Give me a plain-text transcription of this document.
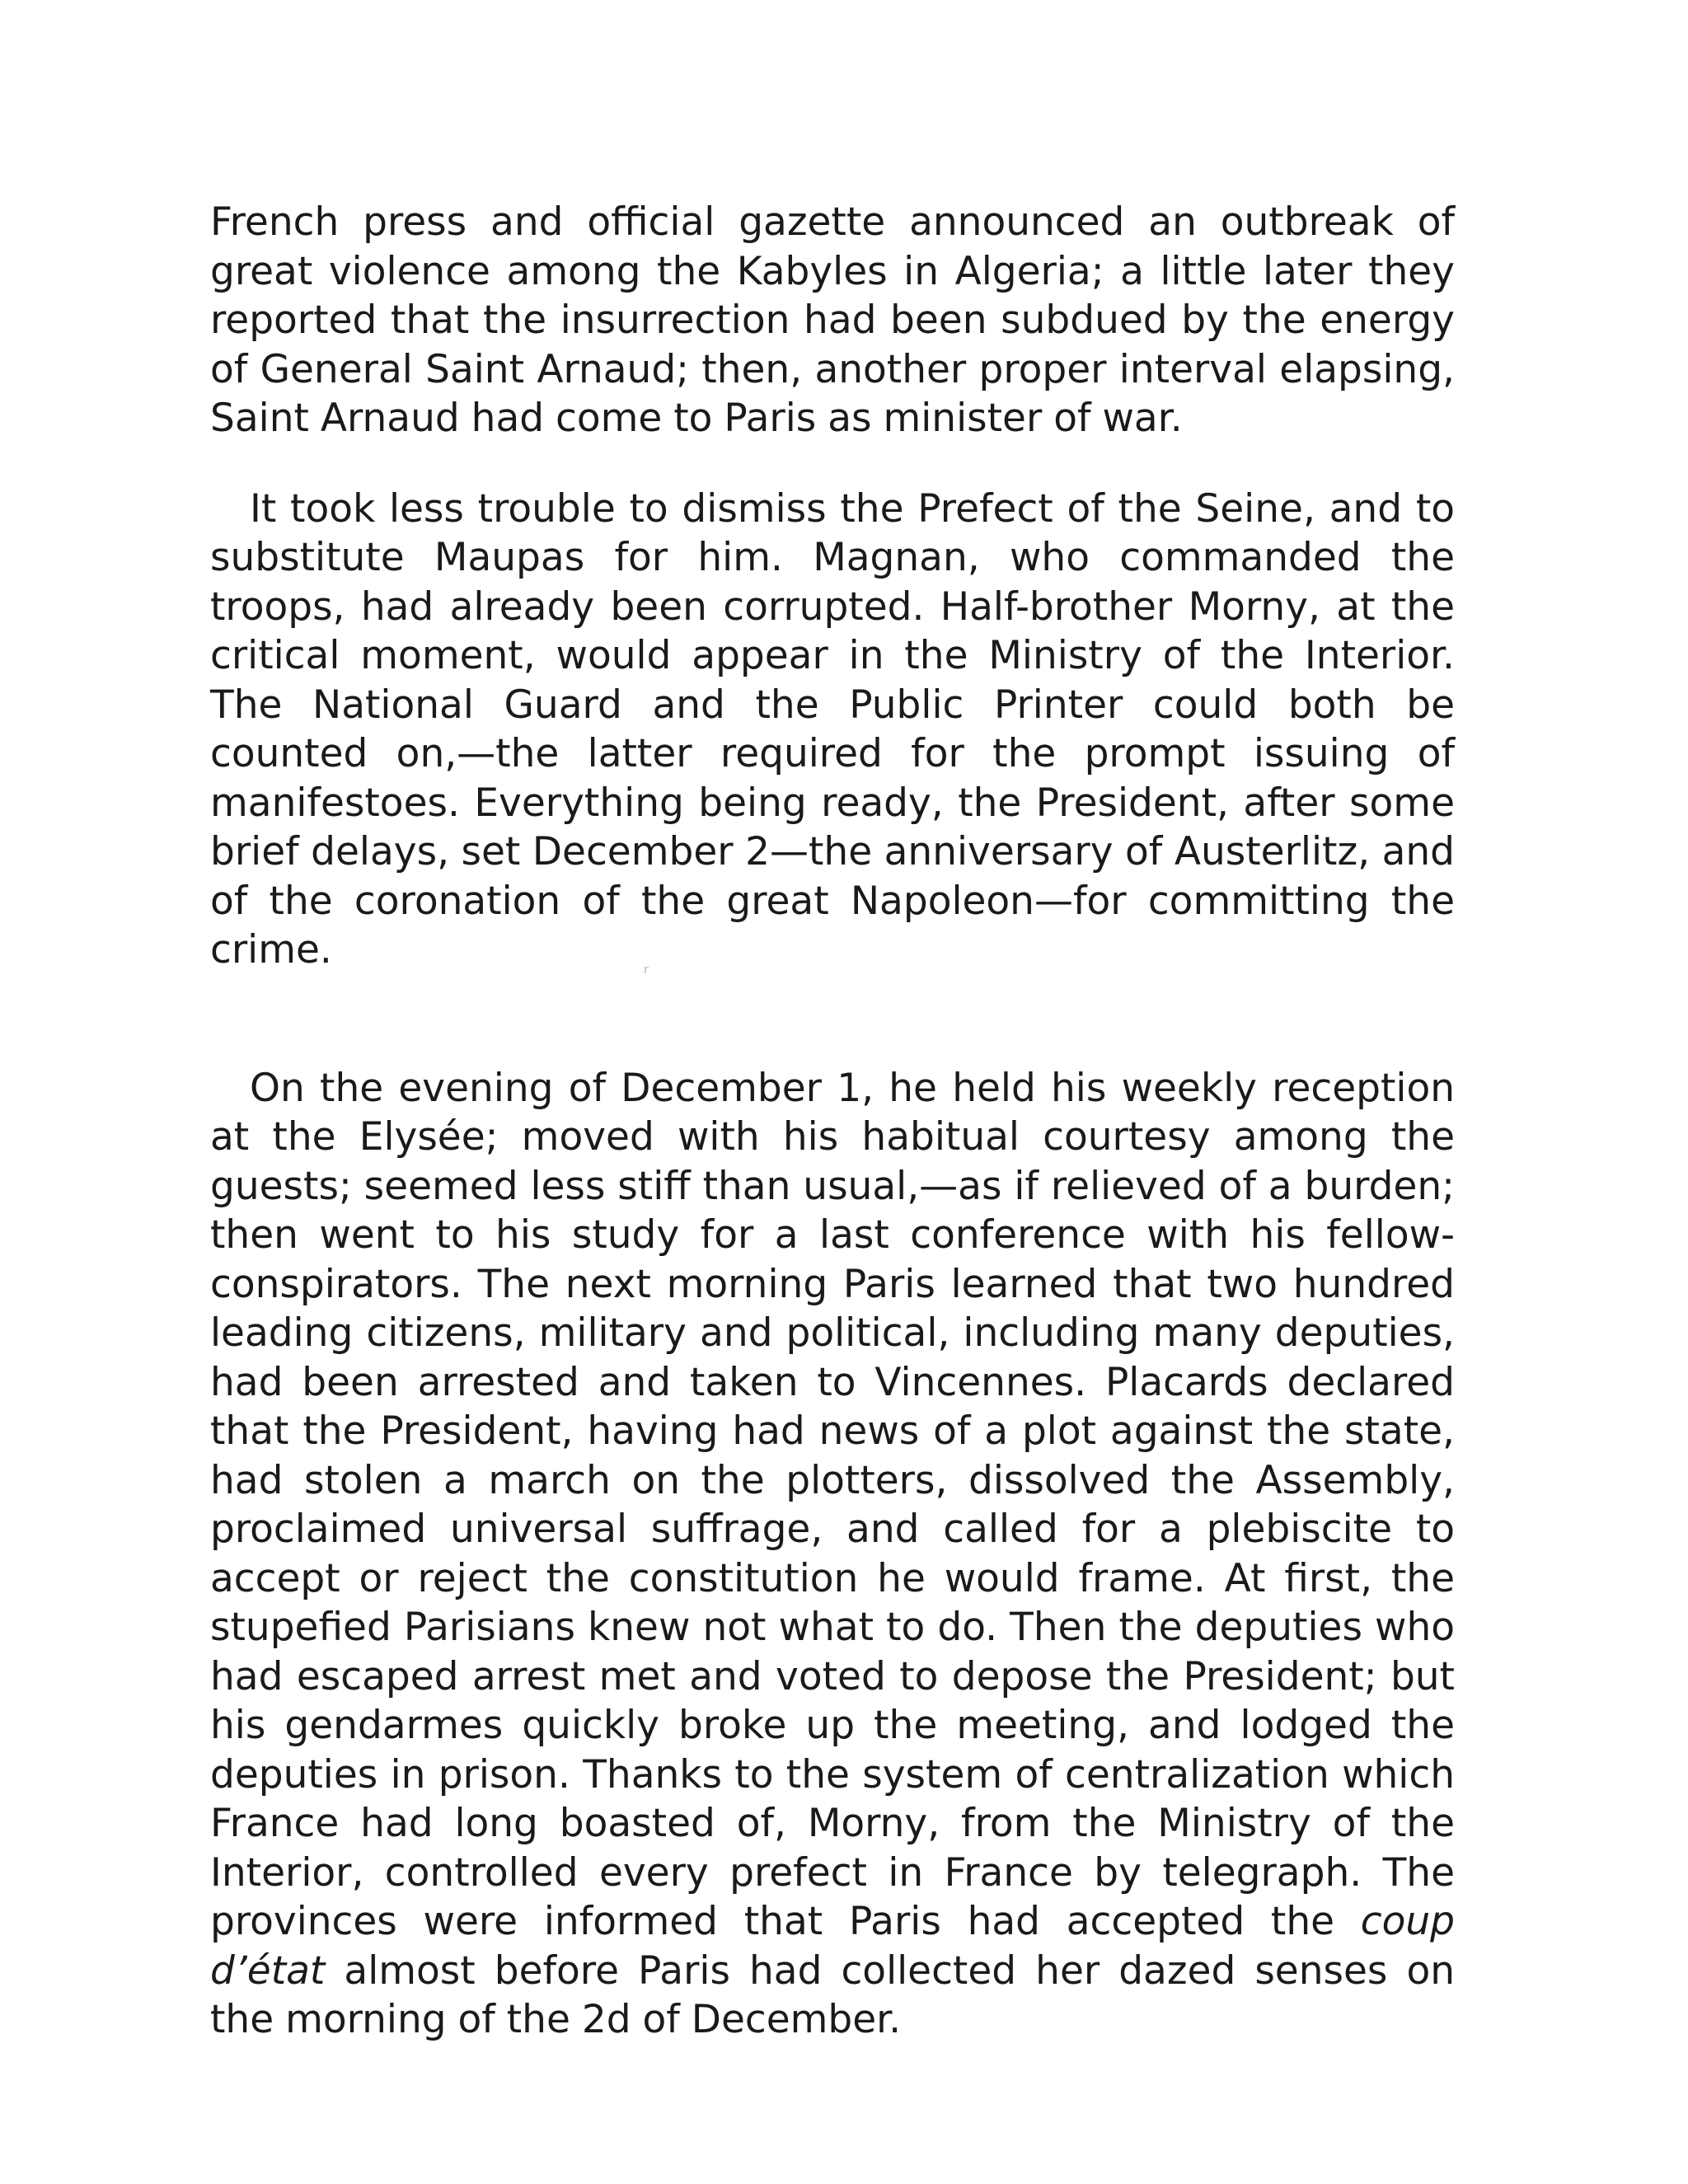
French press and official gazette announced an outbreak of great violence among the Kabyles in Algeria; a little later they reported that the insurrection had been subdued by the energy of General Saint Arnaud; then, another proper interval elapsing, Saint Arnaud had come to Paris as minister of war.

It took less trouble to dismiss the Prefect of the Seine, and to substitute Maupas for him. Magnan, who commanded the troops, had already been corrupted. Half-brother Morny, at the critical moment, would appear in the Ministry of the Interior. The National Guard and the Public Printer could both be counted on,—the latter required for the prompt issuing of manifestoes. Everything being ready, the President, after some brief delays, set December 2—the anniversary of Austerlitz, and of the coronation of the great Napoleon—for committing the crime.

On the evening of December 1, he held his weekly reception at the Elysée; moved with his habitual courtesy among the guests; seemed less stiff than usual,—as if relieved of a burden; then went to his study for a last conference with his fellow-conspirators. The next morning Paris learned that two hundred leading citizens, military and political, including many deputies, had been arrested and taken to Vincennes. Placards declared that the President, having had news of a plot against the state, had stolen a march on the plotters, dissolved the Assembly, proclaimed universal suffrage, and called for a plebiscite to accept or reject the constitution he would frame. At first, the stupefied Parisians knew not what to do. Then the deputies who had escaped arrest met and voted to depose the President; but his gendarmes quickly broke up the meeting, and lodged the deputies in prison. Thanks to the system of centralization which France had long boasted of, Morny, from the Ministry of the Interior, controlled every prefect in France by telegraph. The provinces were informed that Paris had accepted the coup d’état almost before Paris had collected her dazed senses on the morning of the 2d of December.

r
